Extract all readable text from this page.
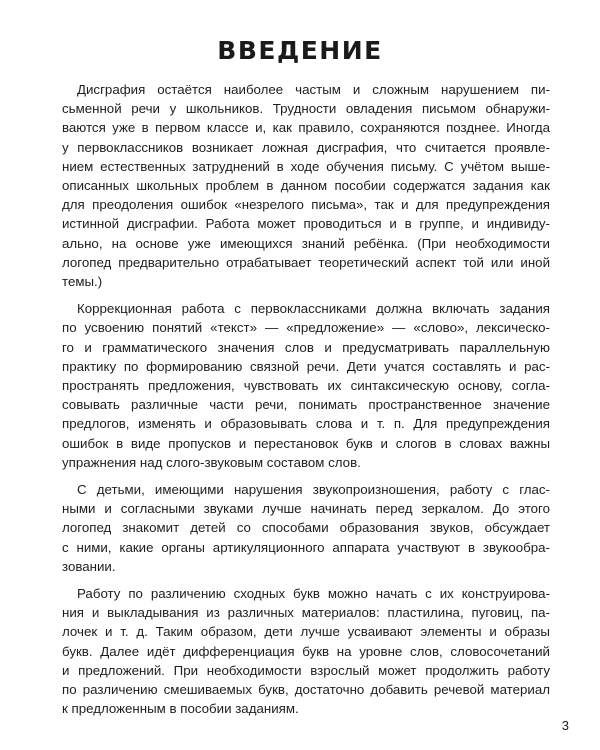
ВВЕДЕНИЕ

Дисграфия остаётся наиболее частым и сложным нарушением пи-
сьменной речи у школьников. Трудности овладения письмом обнаружи-
ваются уже в первом классе и, как правило, сохраняются позднее. Иногда
у первоклассников возникает ложная дисграфия, что считается проявле-
нием естественных затруднений в ходе обучения письму. С учётом выше-
описанных школьных проблем в данном пособии содержатся задания как
для преодоления ошибок «незрелого письма», так и для предупреждения
истинной дисграфии. Работа может проводиться и в группе, и индивиду-
ально, на основе уже имеющихся знаний ребёнка. (При необходимости
логопед предварительно отрабатывает теоретический аспект той или иной
темы.)

Коррекционная работа с первоклассниками должна включать задания
по усвоению понятий «текст» — «предложение» — «слово», лексическо-
го и грамматического значения слов и предусматривать параллельную
практику по формированию связной речи. Дети учатся составлять и рас-
пространять предложения, чувствовать их синтаксическую основу, согла-
совывать различные части речи, понимать пространственное значение
предлогов, изменять и образовывать слова и т. п. Для предупреждения
ошибок в виде пропусков и перестановок букв и слогов в словах важны
упражнения над слого-звуковым составом слов.

С детьми, имеющими нарушения звукопроизношения, работу с глас-
ными и согласными звуками лучше начинать перед зеркалом. До этого
логопед знакомит детей со способами образования звуков, обсуждает
с ними, какие органы артикуляционного аппарата участвуют в звукообра-
зовании.

Работу по различению сходных букв можно начать с их конструирова-
ния и выкладывания из различных материалов: пластилина, пуговиц, па-
лочек и т. д. Таким образом, дети лучше усваивают элементы и образы
букв. Далее идёт дифференциация букв на уровне слов, словосочетаний
и предложений. При необходимости взрослый может продолжить работу
по различению смешиваемых букв, достаточно добавить речевой материал
к предложенным в пособии заданиям.

3
